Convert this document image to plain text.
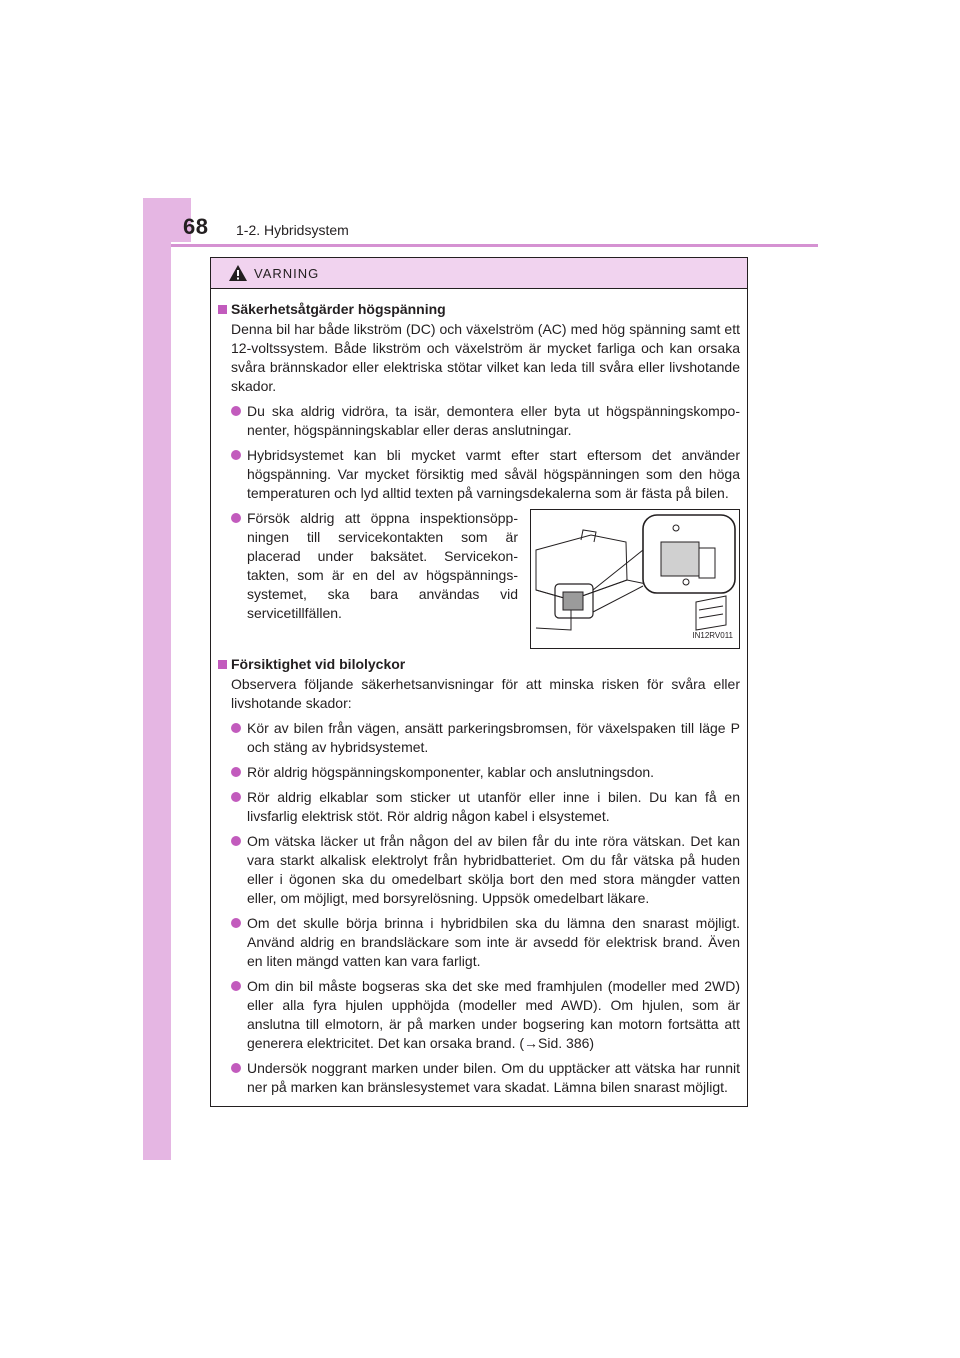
68 1-2. Hybridsystem
VARNING
Säkerhetsåtgärder högspänning
Denna bil har både likström (DC) och växelström (AC) med hög spänning samt ett 12-voltssystem. Både likström och växelström är mycket farliga och kan orsaka svåra brännskador eller elektriska stötar vilket kan leda till svåra eller livshotande skador.
Du ska aldrig vidröra, ta isär, demontera eller byta ut högspänningskompo-nenter, högspänningskablar eller deras anslutningar.
Hybridsystemet kan bli mycket varmt efter start eftersom det använder högspänning. Var mycket försiktig med såväl högspänningen som den höga temperaturen och lyd alltid texten på varningsdekalerna som är fästa på bilen.
Försök aldrig att öppna inspektionsöpp-ningen till servicekontakten som är placerad under baksätet. Servicekon-takten, som är en del av högspännings-systemet, ska bara användas vid servicetillfällen.
IN12RV011
Försiktighet vid bilolyckor
Observera följande säkerhetsanvisningar för att minska risken för svåra eller livshotande skador:
Kör av bilen från vägen, ansätt parkeringsbromsen, för växelspaken till läge P och stäng av hybridsystemet.
Rör aldrig högspänningskomponenter, kablar och anslutningsdon.
Rör aldrig elkablar som sticker ut utanför eller inne i bilen. Du kan få en livsfarlig elektrisk stöt. Rör aldrig någon kabel i elsystemet.
Om vätska läcker ut från någon del av bilen får du inte röra vätskan. Det kan vara starkt alkalisk elektrolyt från hybridbatteriet. Om du får vätska på huden eller i ögonen ska du omedelbart skölja bort den med stora mängder vatten eller, om möjligt, med borsyrelösning. Uppsök omedelbart läkare.
Om det skulle börja brinna i hybridbilen ska du lämna den snarast möjligt. Använd aldrig en brandsläckare som inte är avsedd för elektrisk brand. Även en liten mängd vatten kan vara farligt.
Om din bil måste bogseras ska det ske med framhjulen (modeller med 2WD) eller alla fyra hjulen upphöjda (modeller med AWD). Om hjulen, som är anslutna till elmotorn, är på marken under bogsering kan motorn fortsätta att generera elektricitet. Det kan orsaka brand. (→Sid. 386)
Undersök noggrant marken under bilen. Om du upptäcker att vätska har runnit ner på marken kan bränslesystemet vara skadat. Lämna bilen snarast möjligt.
